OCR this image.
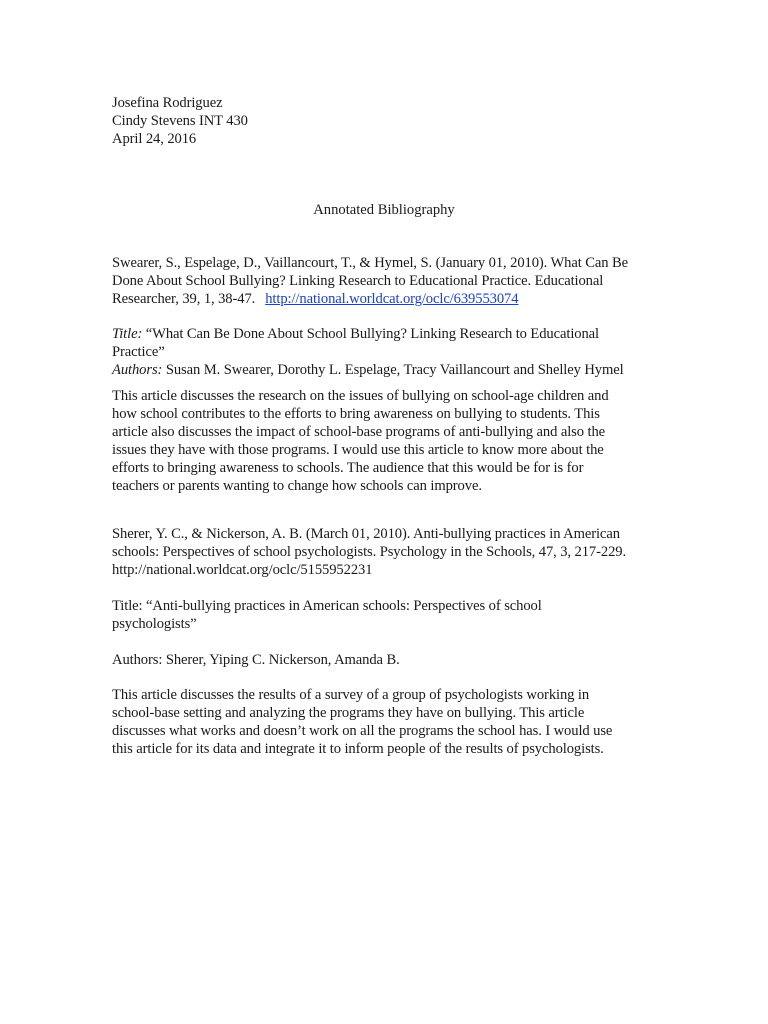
Josefina Rodriguez
Cindy Stevens INT 430
April 24, 2016
Annotated Bibliography
Swearer, S., Espelage, D., Vaillancourt, T., & Hymel, S. (January 01, 2010). What Can Be
Done About School Bullying? Linking Research to Educational Practice. Educational
Researcher, 39, 1, 38-47. http://national.worldcat.org/oclc/639553074
Title: “What Can Be Done About School Bullying? Linking Research to Educational
Practice”
Authors: Susan M. Swearer, Dorothy L. Espelage, Tracy Vaillancourt and Shelley Hymel
This article discusses the research on the issues of bullying on school-age children and
how school contributes to the efforts to bring awareness on bullying to students. This
article also discusses the impact of school-base programs of anti-bullying and also the
issues they have with those programs. I would use this article to know more about the
efforts to bringing awareness to schools. The audience that this would be for is for
teachers or parents wanting to change how schools can improve.
Sherer, Y. C., & Nickerson, A. B. (March 01, 2010). Anti-bullying practices in American
schools: Perspectives of school psychologists. Psychology in the Schools, 47, 3, 217-229.
http://national.worldcat.org/oclc/5155952231
Title: “Anti-bullying practices in American schools: Perspectives of school
psychologists”
Authors: Sherer, Yiping C. Nickerson, Amanda B.
This article discusses the results of a survey of a group of psychologists working in
school-base setting and analyzing the programs they have on bullying. This article
discusses what works and doesn’t work on all the programs the school has. I would use
this article for its data and integrate it to inform people of the results of psychologists.
